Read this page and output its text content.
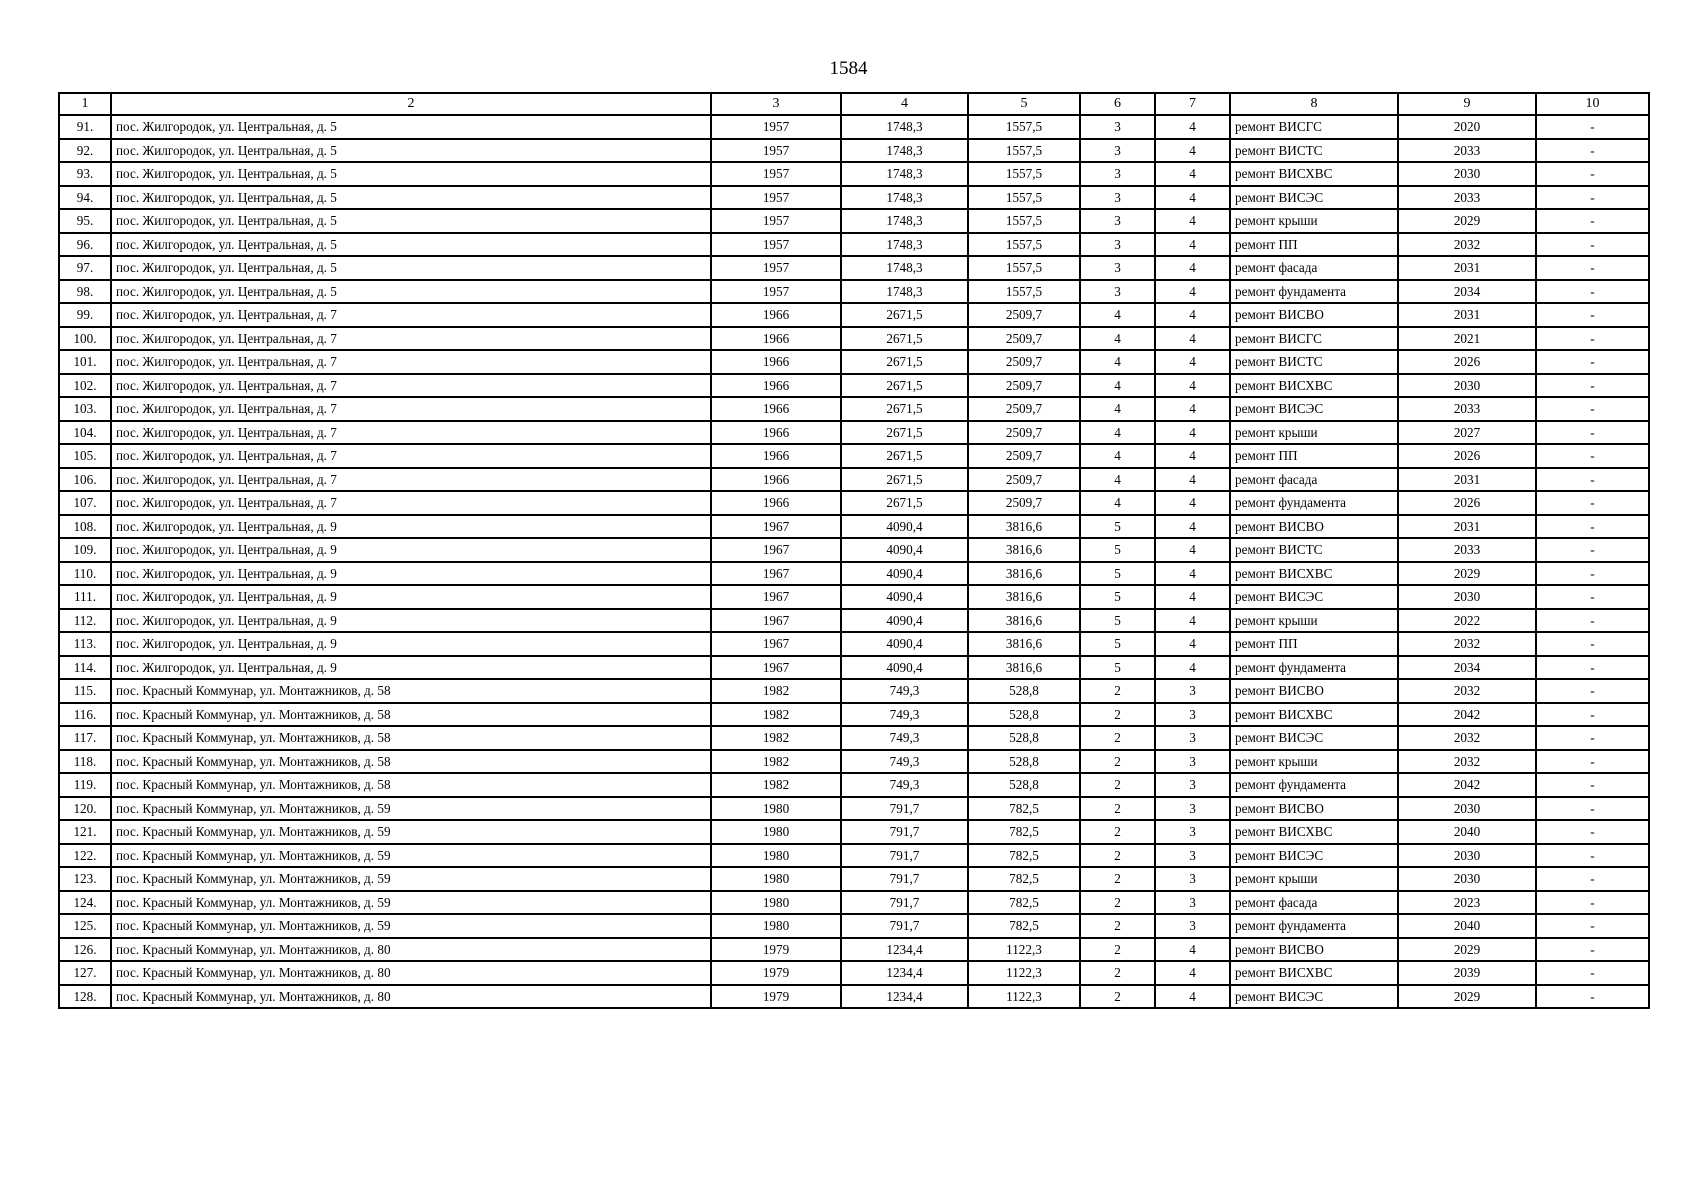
1584
1	2	3	4	5	6	7	8	9	10
91.	пос. Жилгородок, ул. Центральная, д. 5	1957	1748,3	1557,5	3	4	ремонт ВИСГС	2020	-
92.	пос. Жилгородок, ул. Центральная, д. 5	1957	1748,3	1557,5	3	4	ремонт ВИСТС	2033	-
93.	пос. Жилгородок, ул. Центральная, д. 5	1957	1748,3	1557,5	3	4	ремонт ВИСХВС	2030	-
94.	пос. Жилгородок, ул. Центральная, д. 5	1957	1748,3	1557,5	3	4	ремонт ВИСЭС	2033	-
95.	пос. Жилгородок, ул. Центральная, д. 5	1957	1748,3	1557,5	3	4	ремонт крыши	2029	-
96.	пос. Жилгородок, ул. Центральная, д. 5	1957	1748,3	1557,5	3	4	ремонт ПП	2032	-
97.	пос. Жилгородок, ул. Центральная, д. 5	1957	1748,3	1557,5	3	4	ремонт фасада	2031	-
98.	пос. Жилгородок, ул. Центральная, д. 5	1957	1748,3	1557,5	3	4	ремонт фундамента	2034	-
99.	пос. Жилгородок, ул. Центральная, д. 7	1966	2671,5	2509,7	4	4	ремонт ВИСВО	2031	-
100.	пос. Жилгородок, ул. Центральная, д. 7	1966	2671,5	2509,7	4	4	ремонт ВИСГС	2021	-
101.	пос. Жилгородок, ул. Центральная, д. 7	1966	2671,5	2509,7	4	4	ремонт ВИСТС	2026	-
102.	пос. Жилгородок, ул. Центральная, д. 7	1966	2671,5	2509,7	4	4	ремонт ВИСХВС	2030	-
103.	пос. Жилгородок, ул. Центральная, д. 7	1966	2671,5	2509,7	4	4	ремонт ВИСЭС	2033	-
104.	пос. Жилгородок, ул. Центральная, д. 7	1966	2671,5	2509,7	4	4	ремонт крыши	2027	-
105.	пос. Жилгородок, ул. Центральная, д. 7	1966	2671,5	2509,7	4	4	ремонт ПП	2026	-
106.	пос. Жилгородок, ул. Центральная, д. 7	1966	2671,5	2509,7	4	4	ремонт фасада	2031	-
107.	пос. Жилгородок, ул. Центральная, д. 7	1966	2671,5	2509,7	4	4	ремонт фундамента	2026	-
108.	пос. Жилгородок, ул. Центральная, д. 9	1967	4090,4	3816,6	5	4	ремонт ВИСВО	2031	-
109.	пос. Жилгородок, ул. Центральная, д. 9	1967	4090,4	3816,6	5	4	ремонт ВИСТС	2033	-
110.	пос. Жилгородок, ул. Центральная, д. 9	1967	4090,4	3816,6	5	4	ремонт ВИСХВС	2029	-
111.	пос. Жилгородок, ул. Центральная, д. 9	1967	4090,4	3816,6	5	4	ремонт ВИСЭС	2030	-
112.	пос. Жилгородок, ул. Центральная, д. 9	1967	4090,4	3816,6	5	4	ремонт крыши	2022	-
113.	пос. Жилгородок, ул. Центральная, д. 9	1967	4090,4	3816,6	5	4	ремонт ПП	2032	-
114.	пос. Жилгородок, ул. Центральная, д. 9	1967	4090,4	3816,6	5	4	ремонт фундамента	2034	-
115.	пос. Красный Коммунар, ул. Монтажников, д. 58	1982	749,3	528,8	2	3	ремонт ВИСВО	2032	-
116.	пос. Красный Коммунар, ул. Монтажников, д. 58	1982	749,3	528,8	2	3	ремонт ВИСХВС	2042	-
117.	пос. Красный Коммунар, ул. Монтажников, д. 58	1982	749,3	528,8	2	3	ремонт ВИСЭС	2032	-
118.	пос. Красный Коммунар, ул. Монтажников, д. 58	1982	749,3	528,8	2	3	ремонт крыши	2032	-
119.	пос. Красный Коммунар, ул. Монтажников, д. 58	1982	749,3	528,8	2	3	ремонт фундамента	2042	-
120.	пос. Красный Коммунар, ул. Монтажников, д. 59	1980	791,7	782,5	2	3	ремонт ВИСВО	2030	-
121.	пос. Красный Коммунар, ул. Монтажников, д. 59	1980	791,7	782,5	2	3	ремонт ВИСХВС	2040	-
122.	пос. Красный Коммунар, ул. Монтажников, д. 59	1980	791,7	782,5	2	3	ремонт ВИСЭС	2030	-
123.	пос. Красный Коммунар, ул. Монтажников, д. 59	1980	791,7	782,5	2	3	ремонт крыши	2030	-
124.	пос. Красный Коммунар, ул. Монтажников, д. 59	1980	791,7	782,5	2	3	ремонт фасада	2023	-
125.	пос. Красный Коммунар, ул. Монтажников, д. 59	1980	791,7	782,5	2	3	ремонт фундамента	2040	-
126.	пос. Красный Коммунар, ул. Монтажников, д. 80	1979	1234,4	1122,3	2	4	ремонт ВИСВО	2029	-
127.	пос. Красный Коммунар, ул. Монтажников, д. 80	1979	1234,4	1122,3	2	4	ремонт ВИСХВС	2039	-
128.	пос. Красный Коммунар, ул. Монтажников, д. 80	1979	1234,4	1122,3	2	4	ремонт ВИСЭС	2029	-
